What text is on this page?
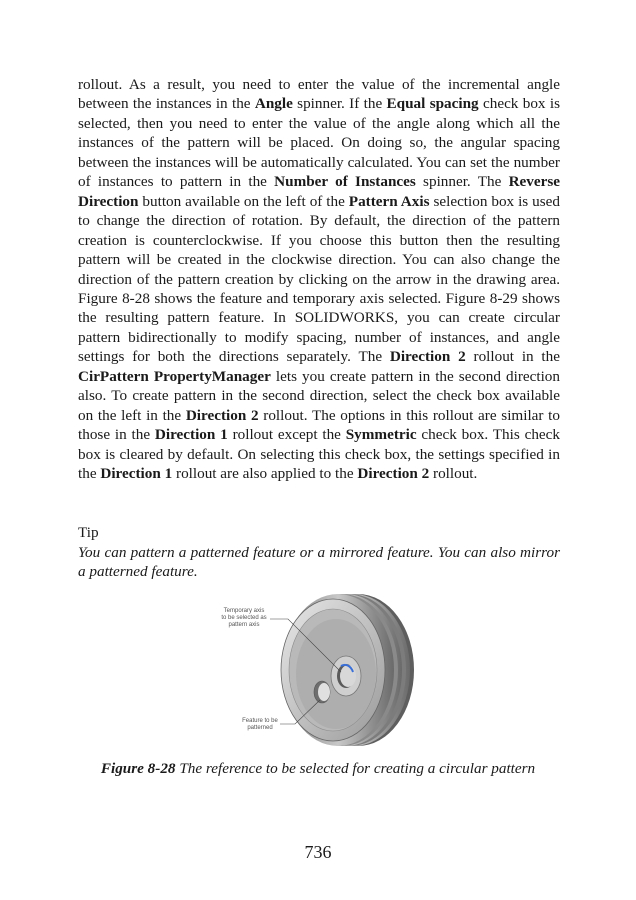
rollout. As a result, you need to enter the value of the incremental angle between the instances in the Angle spinner. If the Equal spacing check box is selected, then you need to enter the value of the angle along which all the instances of the pattern will be placed. On doing so, the angular spacing between the instances will be automatically calculated. You can set the number of instances to pattern in the Number of Instances spinner. The Reverse Direction button available on the left of the Pattern Axis selection box is used to change the direction of rotation. By default, the direction of the pattern creation is counterclockwise. If you choose this button then the resulting pattern will be created in the clockwise direction. You can also change the direction of the pattern creation by clicking on the arrow in the drawing area. Figure 8-28 shows the feature and temporary axis selected. Figure 8-29 shows the resulting pattern feature. In SOLIDWORKS, you can create circular pattern bidirectionally to modify spacing, number of instances, and angle settings for both the directions separately. The Direction 2 rollout in the CirPattern PropertyManager lets you create pattern in the second direction also. To create pattern in the second direction, select the check box available on the left in the Direction 2 rollout. The options in this rollout are similar to those in the Direction 1 rollout except the Symmetric check box. This check box is cleared by default. On selecting this check box, the settings specified in the Direction 1 rollout are also applied to the Direction 2 rollout.

Tip

You can pattern a patterned feature or a mirrored feature. You can also mirror a patterned feature.

Temporary axis
to be selected as
pattern axis
Feature to be
patterned

Figure 8-28 The reference to be selected for creating a circular pattern

736
